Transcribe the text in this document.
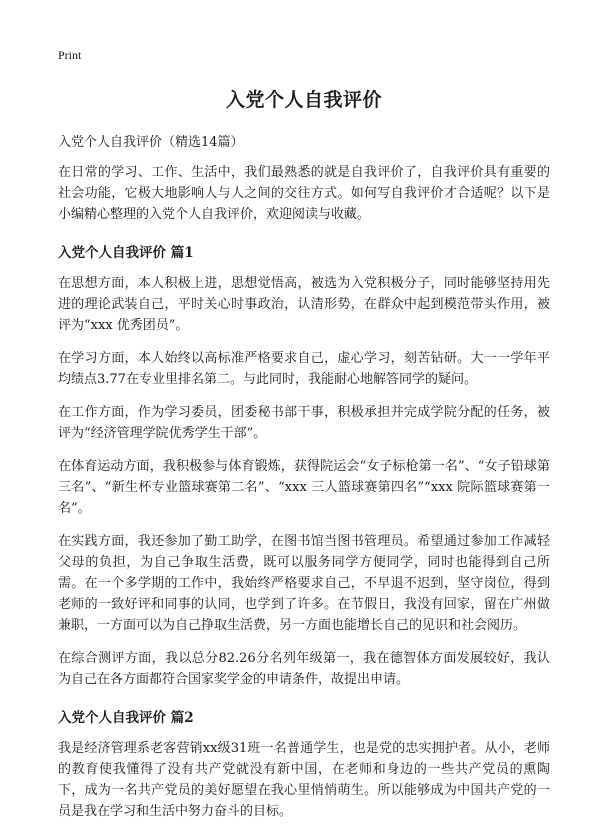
Print
入党个人自我评价
入党个人自我评价（精选14篇）

在日常的学习、工作、生活中，我们最熟悉的就是自我评价了，自我评价具有重要的社会功能，它极大地影响人与人之间的交往方式。如何写自我评价才合适呢？以下是小编精心整理的入党个人自我评价，欢迎阅读与收藏。

入党个人自我评价 篇1

在思想方面，本人积极上进，思想觉悟高，被选为入党积极分子，同时能够坚持用先进的理论武装自己，平时关心时事政治，认清形势，在群众中起到模范带头作用，被评为“xxx 优秀团员”。

在学习方面，本人始终以高标准严格要求自己，虚心学习，刻苦钻研。大一一学年平均绩点3.77在专业里排名第二。与此同时，我能耐心地解答同学的疑问。

在工作方面，作为学习委员，团委秘书部干事，积极承担并完成学院分配的任务，被评为“经济管理学院优秀学生干部”。

在体育运动方面，我积极参与体育锻炼，获得院运会“女子标枪第一名”、“女子铅球第三名”、“新生杯专业篮球赛第二名”、“xxx 三人篮球赛第四名”“xxx 院际篮球赛第一名”。

在实践方面，我还参加了勤工助学，在图书馆当图书管理员。希望通过参加工作减轻父母的负担，为自己争取生活费，既可以服务同学方便同学，同时也能得到自己所需。在一个多学期的工作中，我始终严格要求自己，不早退不迟到，坚守岗位，得到老师的一致好评和同事的认同，也学到了许多。在节假日，我没有回家，留在广州做兼职，一方面可以为自己挣取生活费，另一方面也能增长自己的见识和社会阅历。

在综合测评方面，我以总分82.26分名列年级第一，我在德智体方面发展较好，我认为自己在各方面都符合国家奖学金的申请条件，故提出申请。

入党个人自我评价 篇2

我是经济管理系老客营销xx级31班一名普通学生，也是党的忠实拥护者。从小，老师的教育使我懂得了没有共产党就没有新中国，在老师和身边的一些共产党员的熏陶下，成为一名共产党员的美好愿望在我心里悄悄萌生。所以能够成为中国共产党的一员是我在学习和生活中努力奋斗的目标。
